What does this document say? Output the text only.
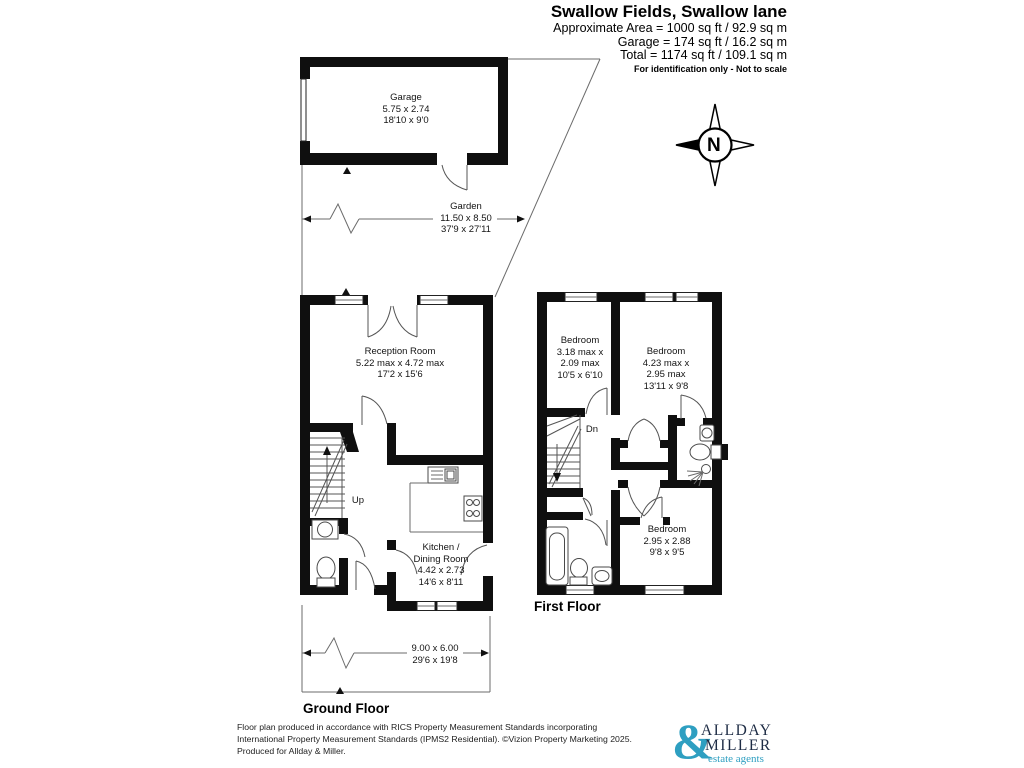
Swallow Fields, Swallow lane
Approximate Area = 1000 sq ft / 92.9 sq m
Garage = 174 sq ft / 16.2 sq m
Total = 1174 sq ft / 109.1 sq m
For identification only - Not to scale
N
Garage
5.75 x 2.74
18'10 x 9'0
Garden
11.50 x 8.50
37'9 x 27'11
Reception Room
5.22 max x 4.72 max
17'2 x 15'6
Kitchen /
Dining Room
4.42 x 2.73
14'6 x 8'11
9.00 x 6.00
29'6 x 19'8
Bedroom
3.18 max x
2.09 max
10'5 x 6'10
Bedroom
4.23 max x
2.95 max
13'11 x 9'8
Bedroom
2.95 x 2.88
9'8 x 9'5
Up
Dn
Ground Floor
First Floor
Floor plan produced in accordance with RICS Property Measurement Standards incorporating
International Property Measurement Standards (IPMS2 Residential). ©Vizion Property Marketing 2025.
Produced for Allday & Miller.	&
ALLDAY
MILLER
estate agents
